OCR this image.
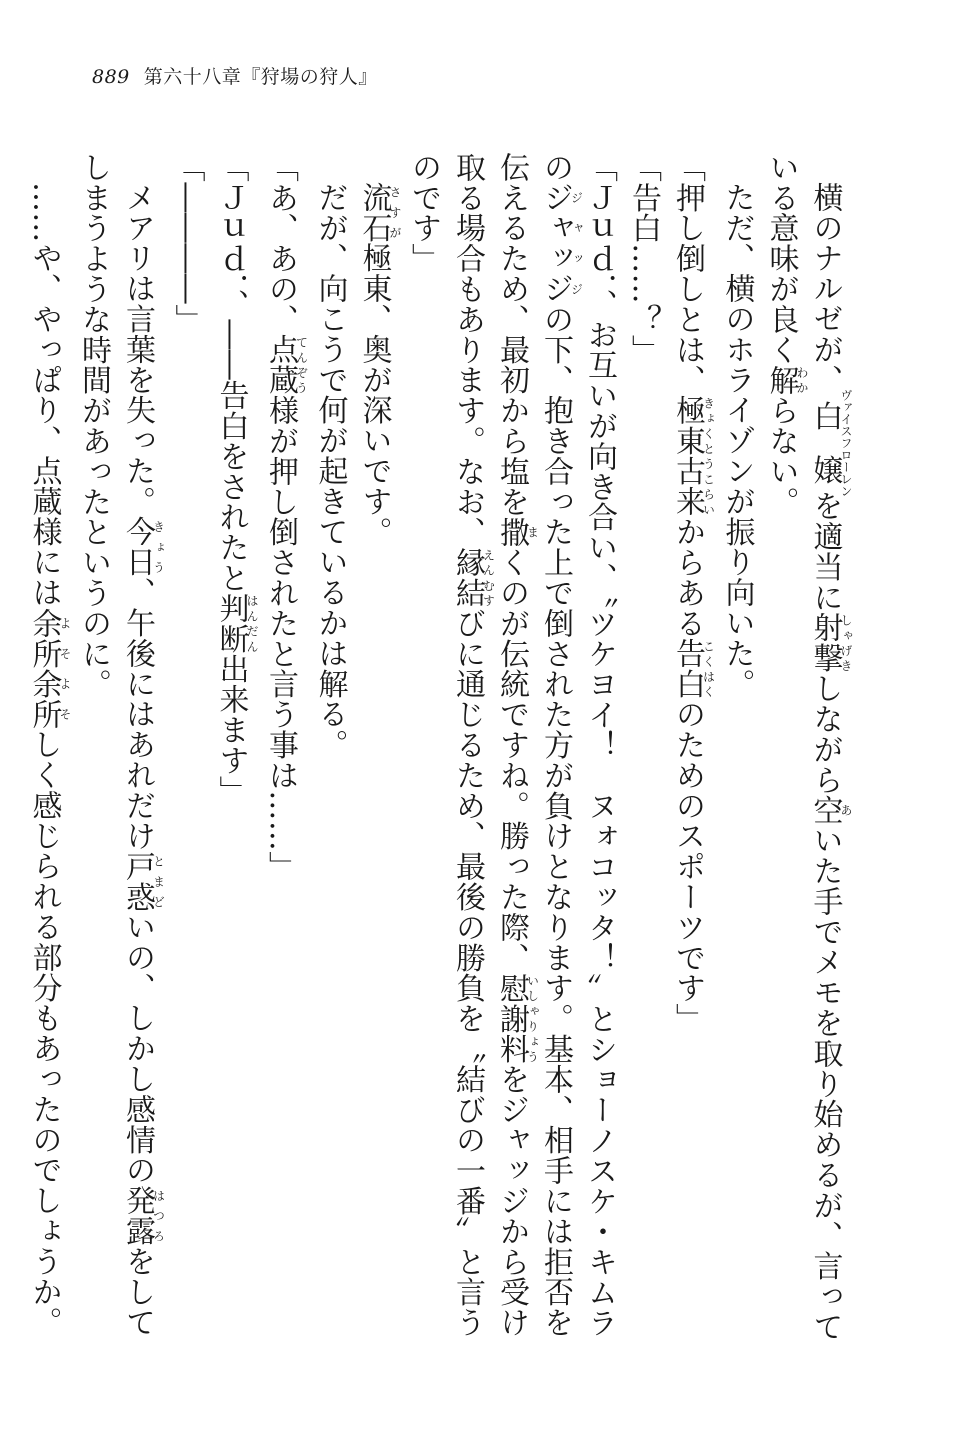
889 第六十八章『狩場の狩人』

横のナルゼが、白嬢ヴァイスフローレンを適当に射撃しゃげきしながら空あいた手でメモを取り始めるが、言っている意味が良く解わからない。

ただ、横のホライゾンが振り向いた。

「押し倒しとは、極東古来きょくとうこらいからある告白こくはくのためのスポーツです」

「告白……？」

「Ｊｕｄ．、お互いが向き合い、〝ツケヨイ！　ヌォコッタ！〟とショーノスケ・キムラのジャッジジャッジの下、抱き合った上で倒された方が負けとなります。基本、相手には拒否を伝えるため、最初から塩を撒まくのが伝統ですね。勝った際、慰謝料いしゃりょうをジャッジから受け取る場合もあります。なお、縁結えんむすびに通じるため、最後の勝負を〝結びの一番〟と言うのです」

流石さすが極東、奥が深いです。

だが、向こうで何が起きているかは解る。

「あ、あの、点蔵てんぞう様が押し倒されたと言う事は……」

「Ｊｕｄ．、――告白をされたと判断はんだん出来ます」

「――――」

メアリは言葉を失った。今日きょう、午後にはあれだけ戸惑とまどいの、しかし感情の発露はつろをしてしまうような時間があったというのに。

……や、やっぱり、点蔵様には余所余所よそよそしく感じられる部分もあったのでしょうか。
